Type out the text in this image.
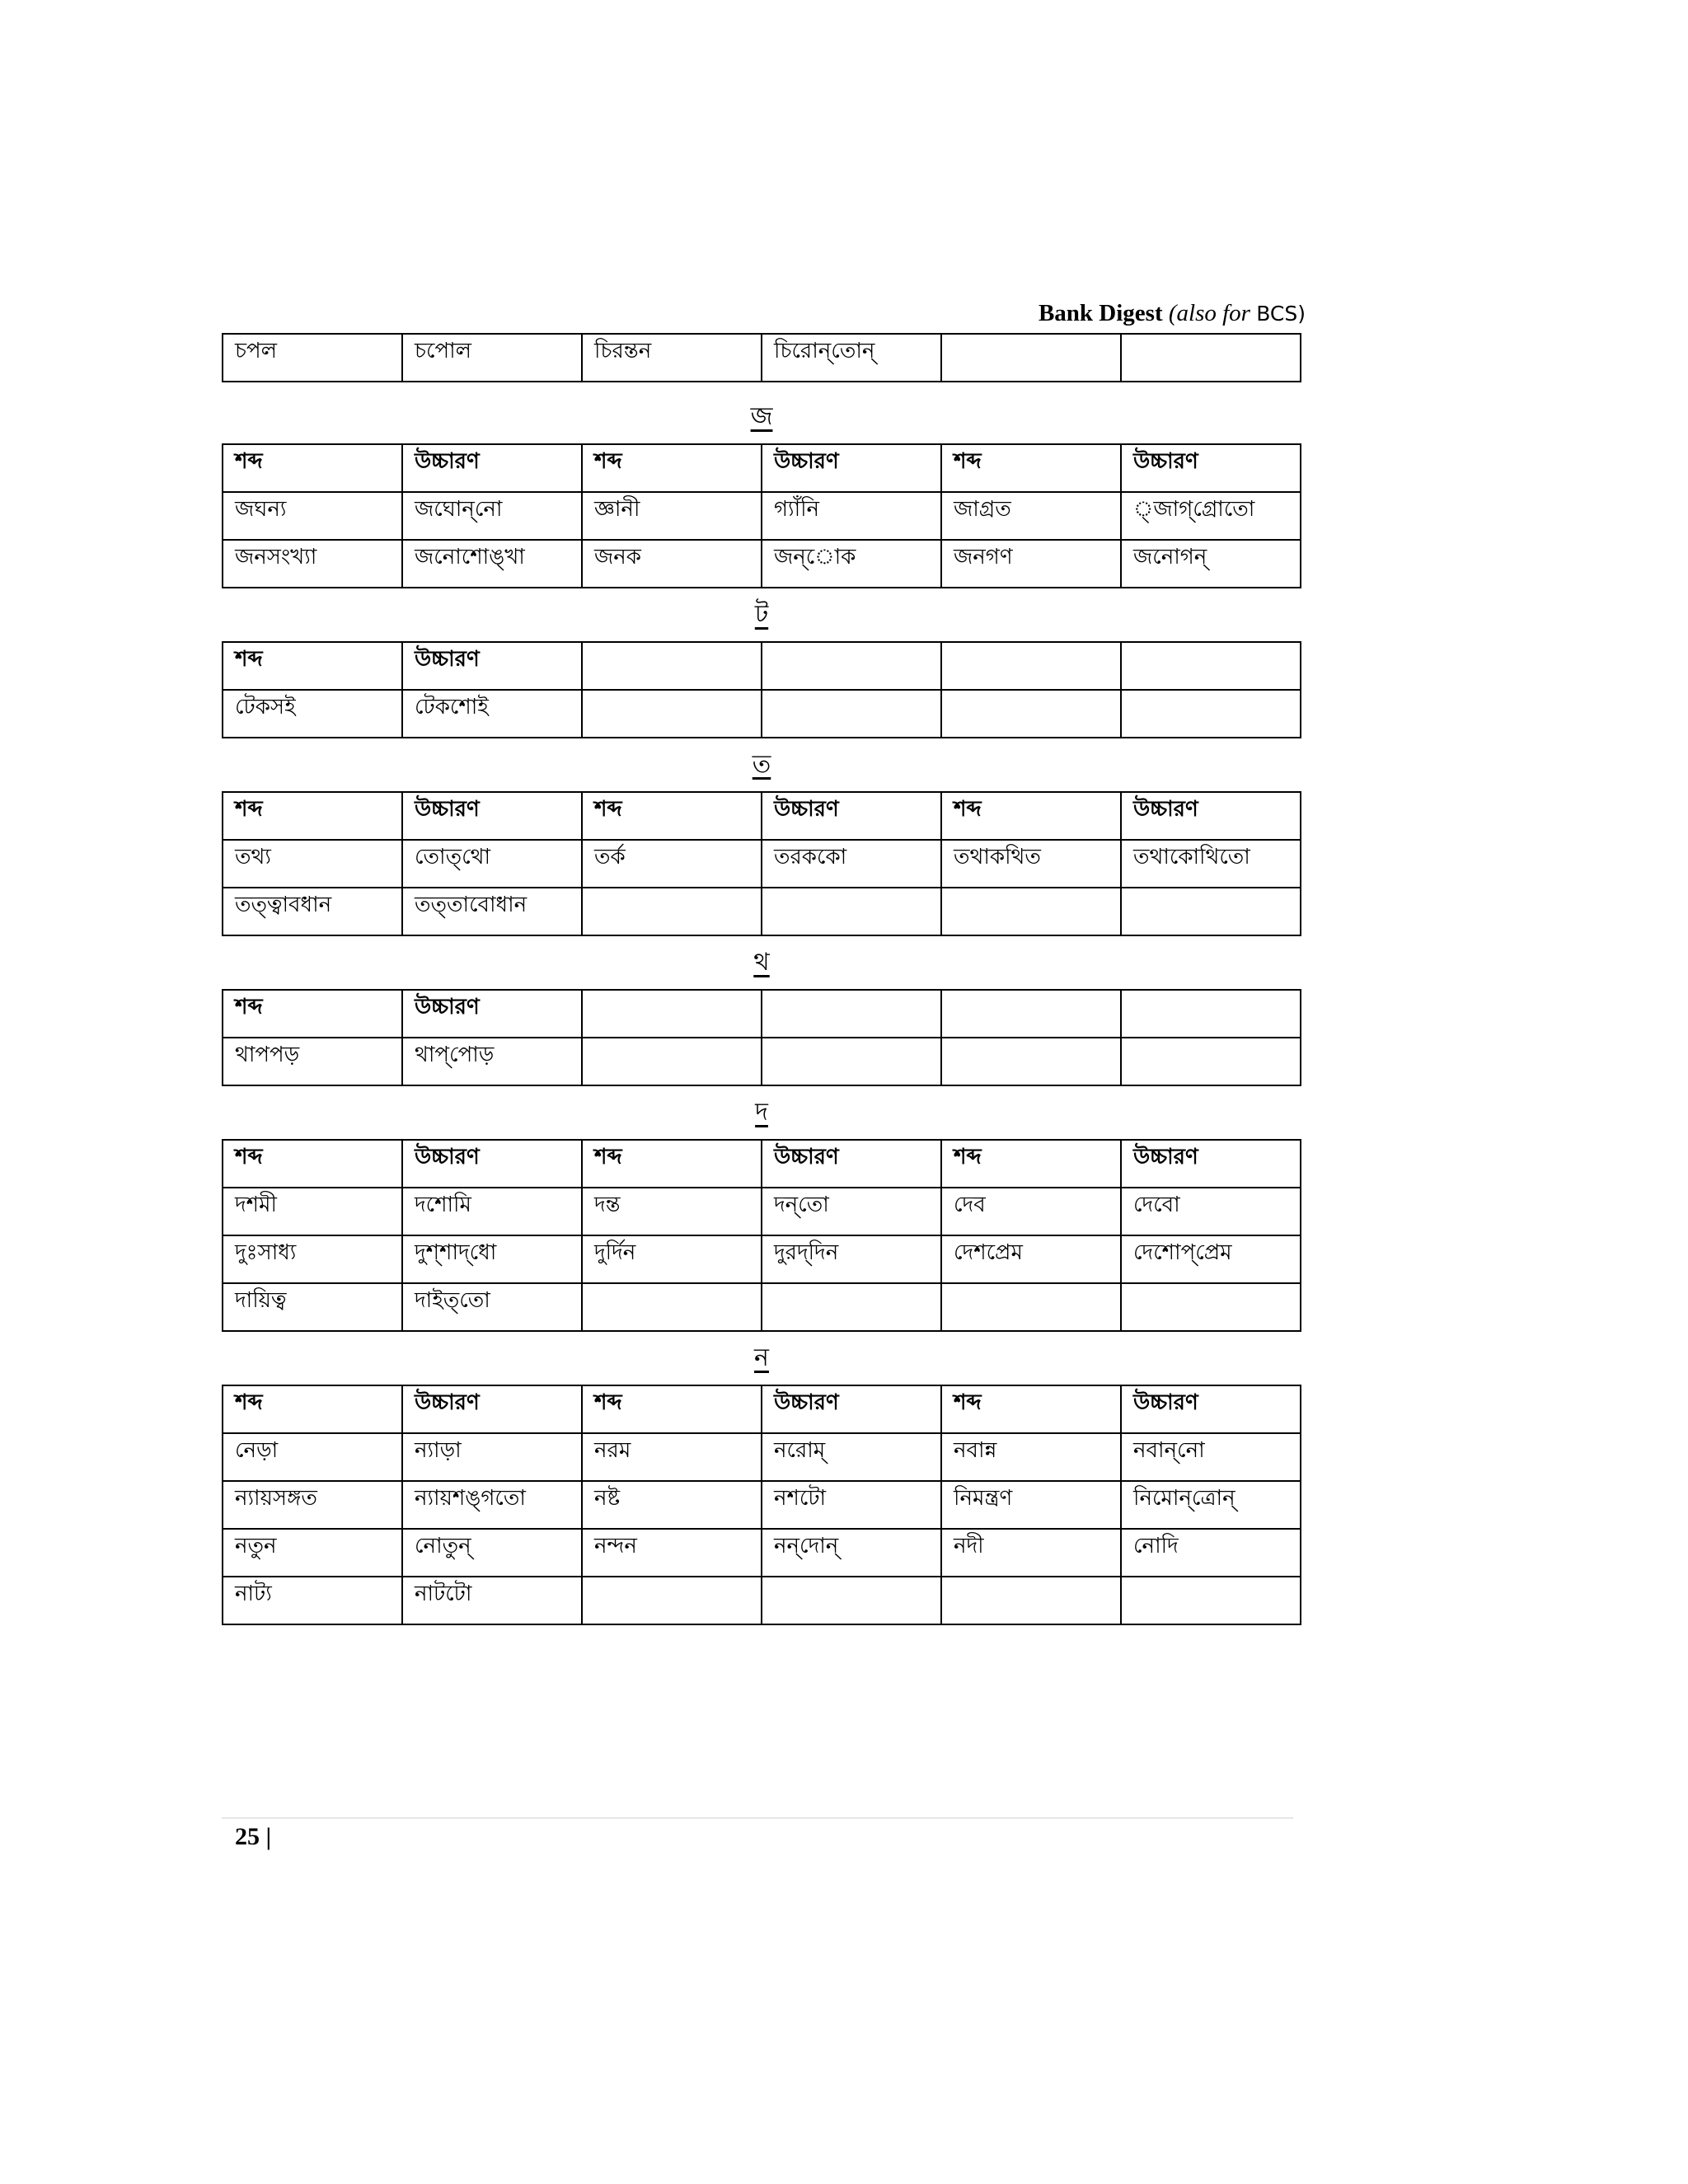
Bank Digest (also for BCS)
চপল	চপোল	চিরন্তন	চিরোন্‌তোন্‌		
জ
শব্দ	উচ্চারণ	শব্দ	উচ্চারণ	শব্দ	উচ্চারণ
জঘন্য	জঘোন্‌নো	জ্ঞানী	গ্যাঁনি	জাগ্রত	্জাগ্‌গ্রোতো
জনসংখ্যা	জনোশোঙ্‌খা	জনক	জন্‌োক	জনগণ	জনোগন্‌
ট
শব্দ	উচ্চারণ				
টেকসই	টেকশোই				
ত
শব্দ	উচ্চারণ	শব্দ	উচ্চারণ	শব্দ	উচ্চারণ
তথ্য	তোত্‌থো	তর্ক	তরককো	তথাকথিত	তথাকোথিতো
তত্ত্বাবধান	তত্‌তাবোধান				
থ
শব্দ	উচ্চারণ				
থাপপড়	থাপ্‌পোড়				
দ
শব্দ	উচ্চারণ	শব্দ	উচ্চারণ	শব্দ	উচ্চারণ
দশমী	দশোমি	দন্ত	দন্‌তো	দেব	দেবো
দুঃসাধ্য	দুশ্‌শাদ্‌ধো	দুর্দিন	দুরদ্‌দিন	দেশপ্রেম	দেশোপ্‌প্রেম
দায়িত্ব	দাইত্‌তো				
ন
শব্দ	উচ্চারণ	শব্দ	উচ্চারণ	শব্দ	উচ্চারণ
নেড়া	ন্যাড়া	নরম	নরোম্‌	নবান্ন	নবান্‌নো
ন্যায়সঙ্গত	ন্যায়শঙ্‌গতো	নষ্ট	নশটো	নিমন্ত্রণ	নিমোন্‌ত্রোন্‌
নতুন	নোতুন্‌	নন্দন	নন্‌দোন্‌	নদী	নোদি
নাট্য	নাটটো				
25 |
